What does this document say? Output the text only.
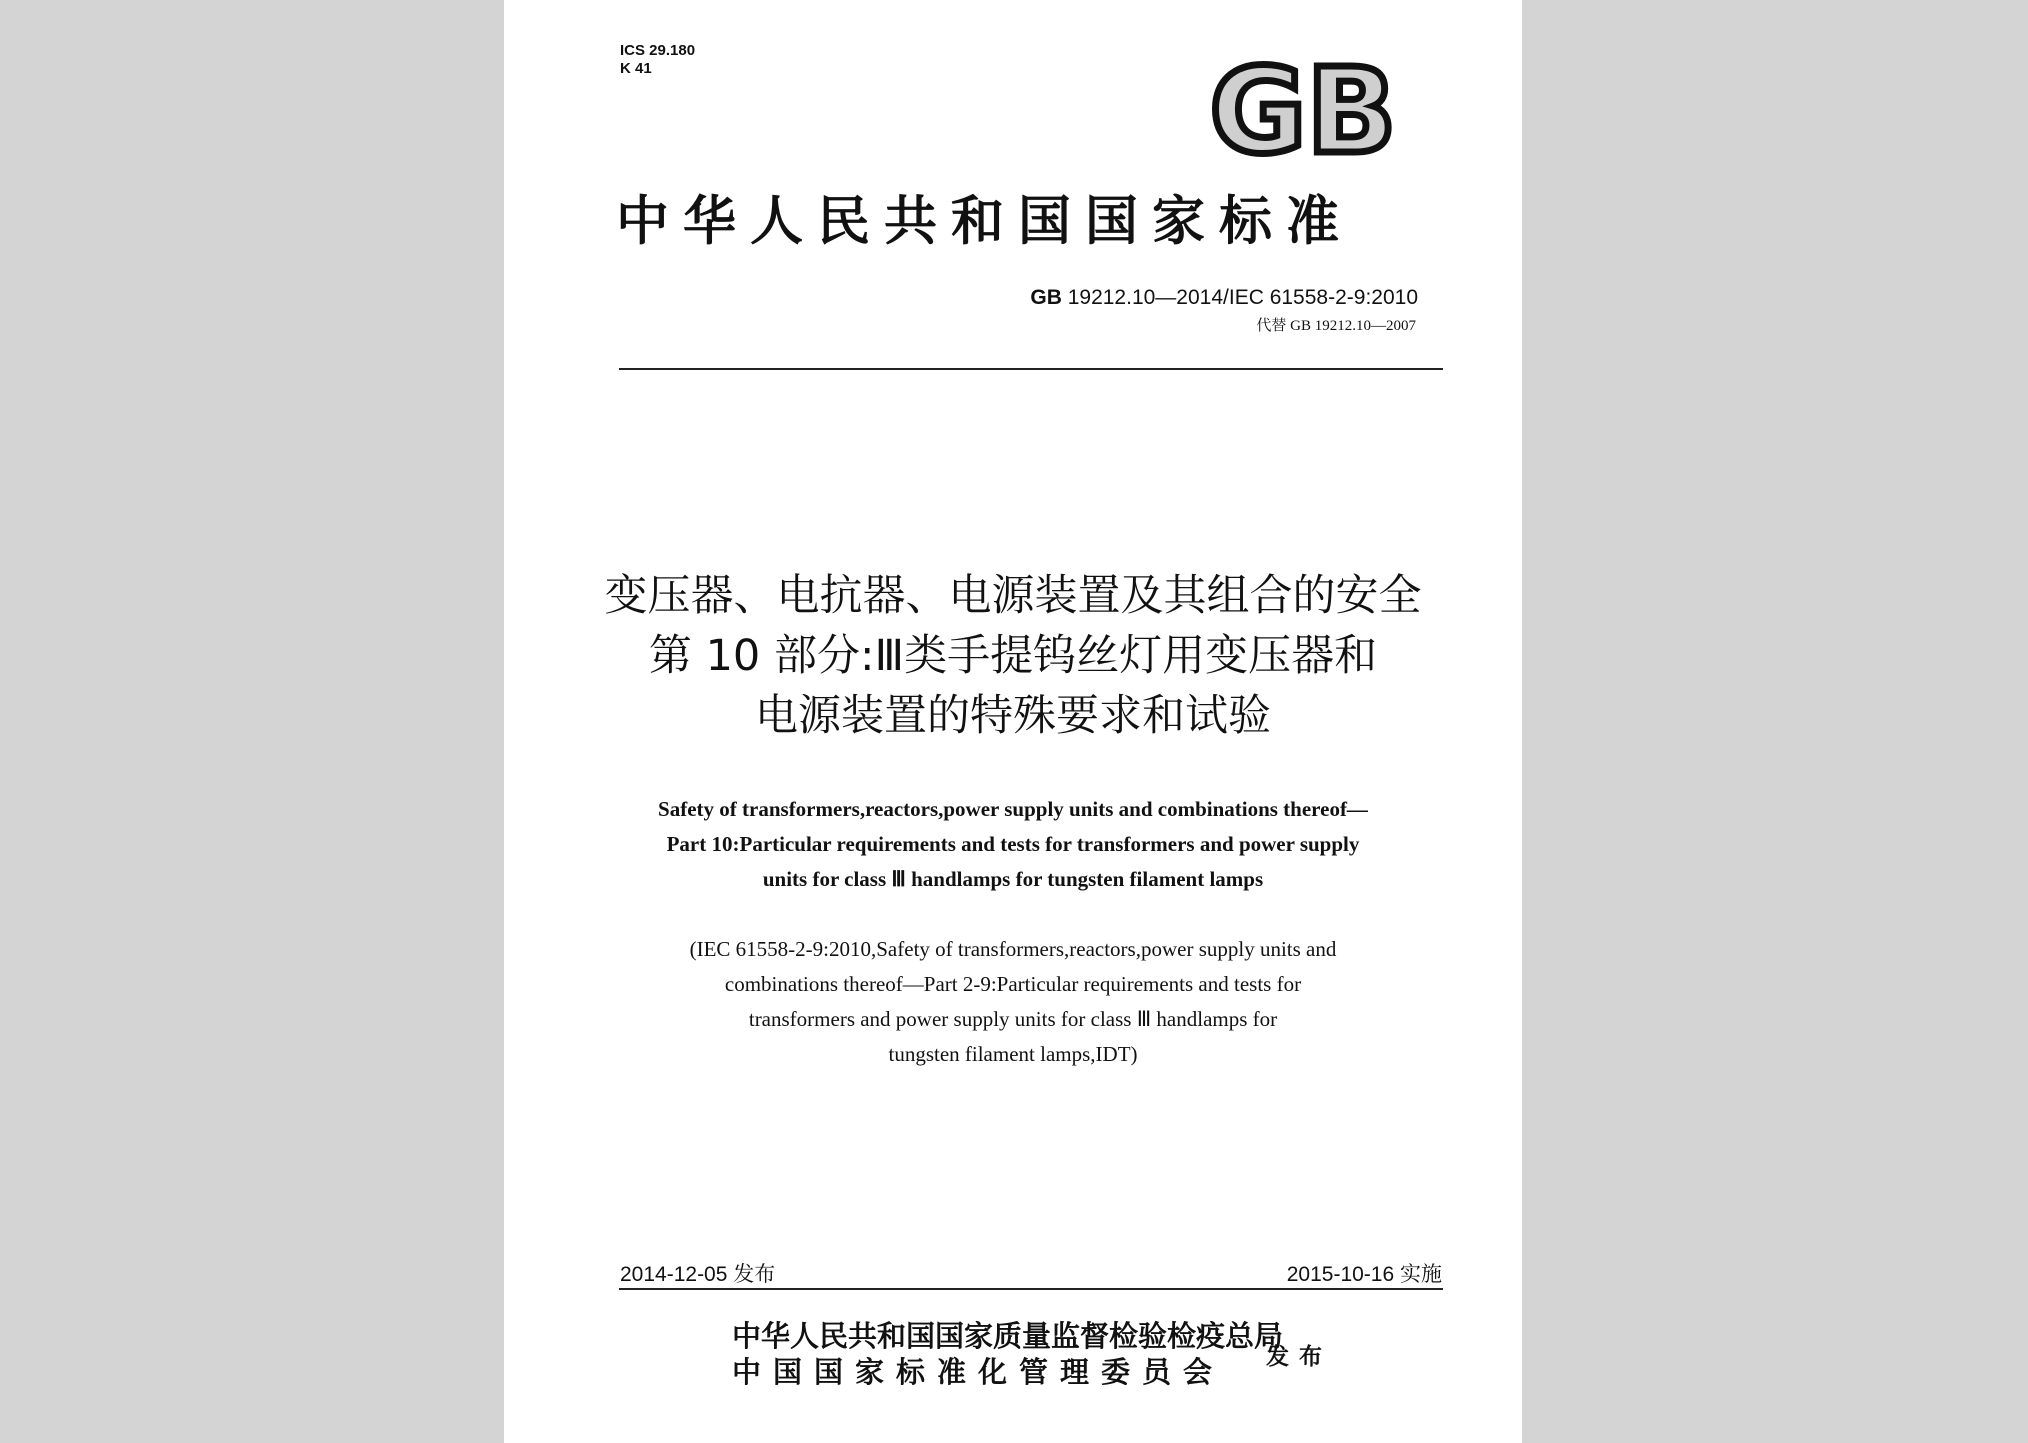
ICS 29.180
K 41	GB
中华人民共和国国家标准
GB 19212.10—2014/IEC 61558-2-9:2010
代替 GB 19212.10—2007
变压器、电抗器、电源装置及其组合的安全
第 10 部分:Ⅲ类手提钨丝灯用变压器和
电源装置的特殊要求和试验
Safety of transformers,reactors,power supply units and combinations thereof—
Part 10:Particular requirements and tests for transformers and power supply
units for class Ⅲ handlamps for tungsten filament lamps
(IEC 61558-2-9:2010,Safety of transformers,reactors,power supply units and
combinations thereof—Part 2-9:Particular requirements and tests for
transformers and power supply units for class Ⅲ handlamps for
tungsten filament lamps,IDT)
2014-12-05 发布	2015-10-16 实施
中华人民共和国国家质量监督检验检疫总局
中国国家标准化管理委员会 发布
